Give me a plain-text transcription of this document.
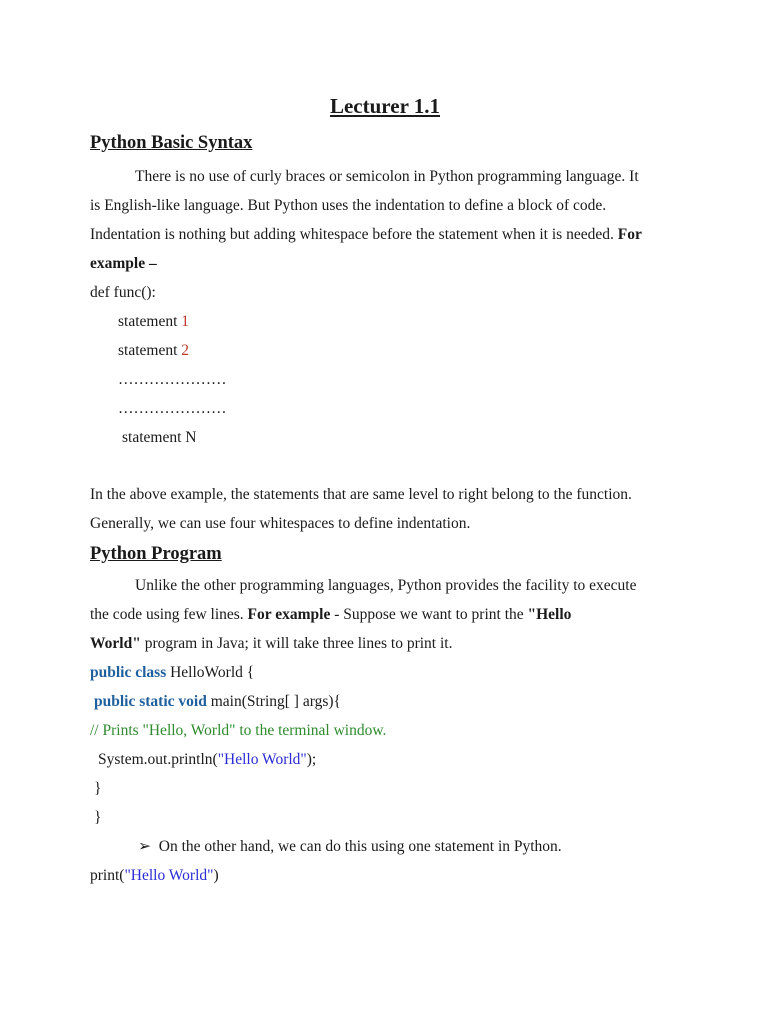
Lecturer 1.1
Python Basic Syntax
There is no use of curly braces or semicolon in Python programming language. It
is English-like language. But Python uses the indentation to define a block of code.
Indentation is nothing but adding whitespace before the statement when it is needed. For
example –
def func():
statement 1
statement 2
…………………
…………………
statement N
In the above example, the statements that are same level to right belong to the function.
Generally, we can use four whitespaces to define indentation.
Python Program
Unlike the other programming languages, Python provides the facility to execute
the code using few lines. For example - Suppose we want to print the "Hello
World" program in Java; it will take three lines to print it.
public class HelloWorld {
public static void main(String[ ] args){
// Prints "Hello, World" to the terminal window.
System.out.println("Hello World");
}
}
➢ On the other hand, we can do this using one statement in Python.
print("Hello World")
